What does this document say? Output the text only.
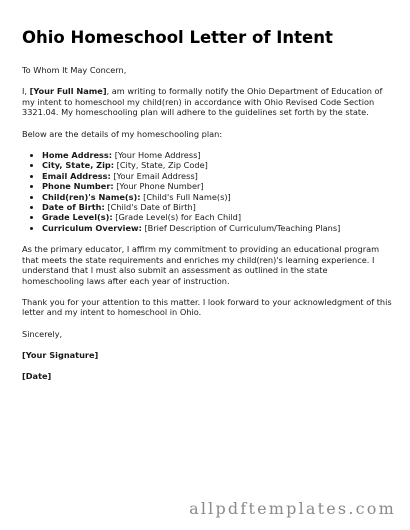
Ohio Homeschool Letter of Intent

To Whom It May Concern,

I, [Your Full Name], am writing to formally notify the Ohio Department of Education of my intent to homeschool my child(ren) in accordance with Ohio Revised Code Section 3321.04. My homeschooling plan will adhere to the guidelines set forth by the state.

Below are the details of my homeschooling plan:

• Home Address: [Your Home Address]
• City, State, Zip: [City, State, Zip Code]
• Email Address: [Your Email Address]
• Phone Number: [Your Phone Number]
• Child(ren)'s Name(s): [Child's Full Name(s)]
• Date of Birth: [Child's Date of Birth]
• Grade Level(s): [Grade Level(s) for Each Child]
• Curriculum Overview: [Brief Description of Curriculum/Teaching Plans]

As the primary educator, I affirm my commitment to providing an educational program that meets the state requirements and enriches my child(ren)'s learning experience. I understand that I must also submit an assessment as outlined in the state homeschooling laws after each year of instruction.

Thank you for your attention to this matter. I look forward to your acknowledgment of this letter and my intent to homeschool in Ohio.

Sincerely,

[Your Signature]

[Date]

allpdftemplates.com
